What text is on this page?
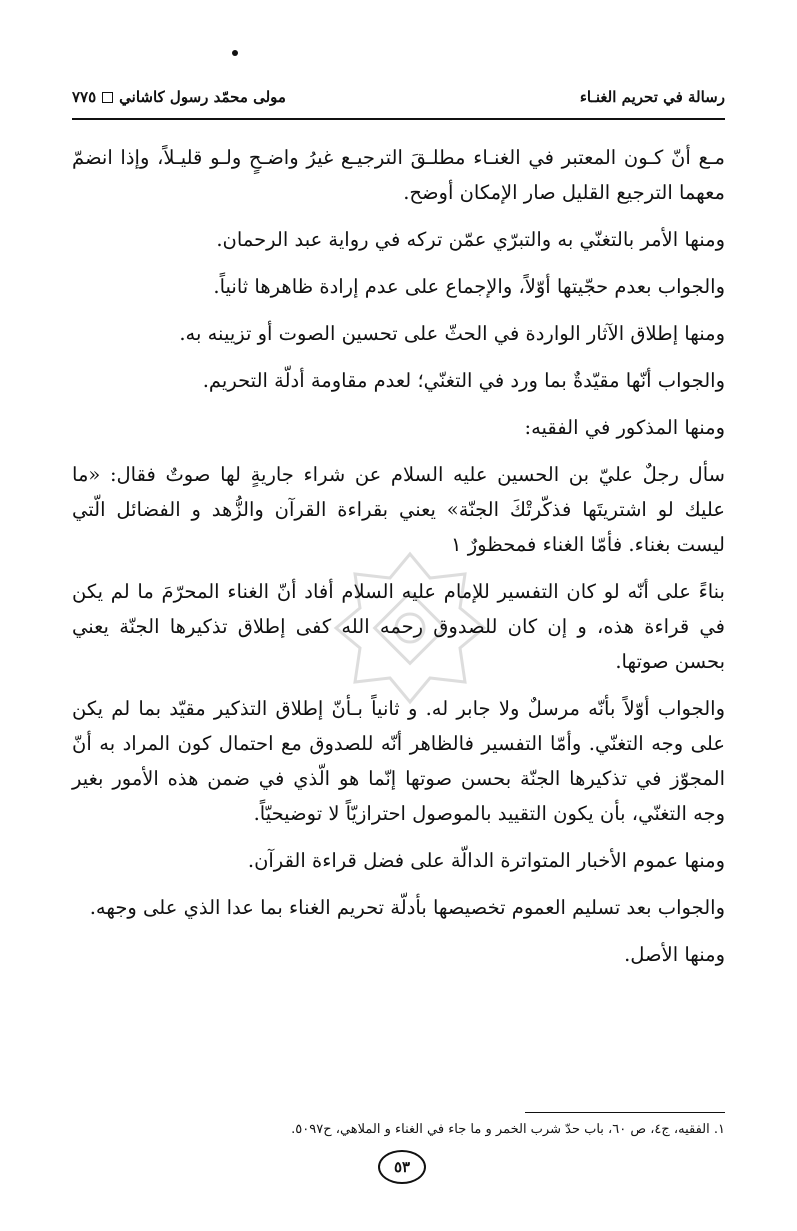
رسالة في تحريم الغنـاء
مولى محمّد رسول كاشاني
٧٧٥

مـع أنّ كـون المعتبر في الغنـاء مطلـقَ الترجيـع غيرُ واضـحٍ ولـو قليـلاً، وإذا انضمّ معهما الترجيع القليل صار الإمكان أوضح.

ومنها الأمر بالتغنّي به والتبرّي عمّن تركه في رواية عبد الرحمان.

والجواب بعدم حجّيتها أوّلاً، والإجماع على عدم إرادة ظاهرها ثانياً.

ومنها إطلاق الآثار الواردة في الحثّ على تحسين الصوت أو تزيينه به.

والجواب أنّها مقيّدةٌ بما ورد في التغنّي؛ لعدم مقاومة أدلّة التحريم.

ومنها المذكور في الفقيه:

سأل رجلٌ عليّ بن الحسين عليه السلام عن شراء جاريةٍ لها صوتٌ فقال: «ما عليك لو اشتريتَها فذكّرتْكَ الجنّة» يعني بقراءة القرآن والزُّهد و الفضائل الّتي ليست بغناء. فأمّا الغناء فمحظورٌ ١

بناءً على أنّه لو كان التفسير للإمام عليه السلام أفاد أنّ الغناء المحرّمَ ما لم يكن في قراءة هذه، و إن كان للصدوق رحمه الله كفى إطلاق تذكيرها الجنّة يعني بحسن صوتها.

والجواب أوّلاً بأنّه مرسلٌ ولا جابر له. و ثانياً بـأنّ إطلاق التذكير مقيّد بما لم يكن على وجه التغنّي. وأمّا التفسير فالظاهر أنّه للصدوق مع احتمال كون المراد به أنّ المجوّز في تذكيرها الجنّة بحسن صوتها إنّما هو الّذي في ضمن هذه الأمور بغير وجه التغنّي، بأن يكون التقييد بالموصول احترازيّاً لا توضيحيّاً.

ومنها عموم الأخبار المتواترة الدالّة على فضل قراءة القرآن.

والجواب بعد تسليم العموم تخصيصها بأدلّة تحريم الغناء بما عدا الذي على وجهه.

ومنها الأصل.

١. الفقيه، ج٤، ص ٦٠، باب حدّ شرب الخمر و ما جاء في الغناء و الملاهي، ح٥٠٩٧.
٥٣
